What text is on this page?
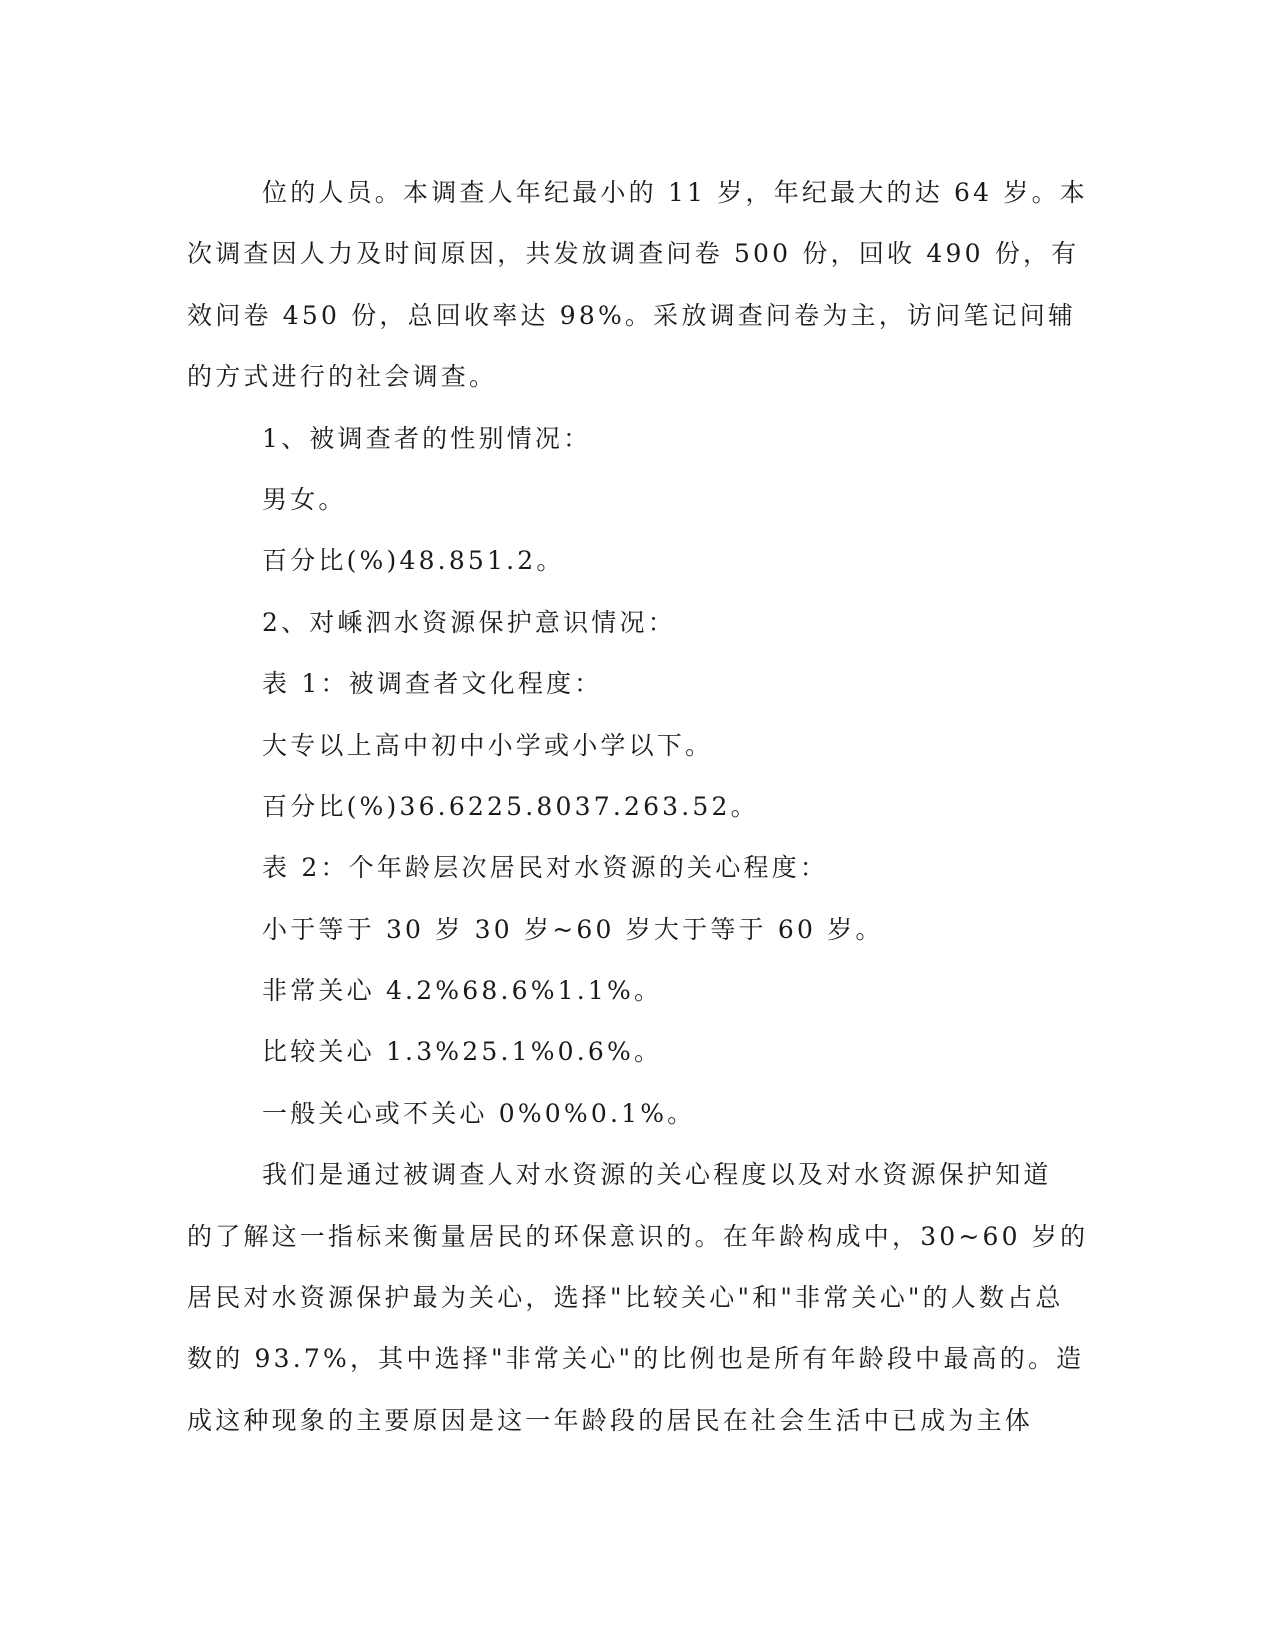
位的人员。本调查人年纪最小的 11 岁，年纪最大的达 64 岁。本
次调查因人力及时间原因，共发放调查问卷 500 份，回收 490 份，有
效问卷 450 份，总回收率达 98%。采放调查问卷为主，访问笔记问辅
的方式进行的社会调查。
1、被调查者的性别情况：
男女。
百分比(%)48.851.2。
2、对嵊泗水资源保护意识情况：
表 1：被调查者文化程度：
大专以上高中初中小学或小学以下。
百分比(%)36.6225.8037.263.52。
表 2：个年龄层次居民对水资源的关心程度：
小于等于 30 岁 30 岁~60 岁大于等于 60 岁。
非常关心 4.2%68.6%1.1%。
比较关心 1.3%25.1%0.6%。
一般关心或不关心 0%0%0.1%。
我们是通过被调查人对水资源的关心程度以及对水资源保护知道
的了解这一指标来衡量居民的环保意识的。在年龄构成中，30~60 岁的
居民对水资源保护最为关心，选择"比较关心"和"非常关心"的人数占总
数的 93.7%，其中选择"非常关心"的比例也是所有年龄段中最高的。造
成这种现象的主要原因是这一年龄段的居民在社会生活中已成为主体
